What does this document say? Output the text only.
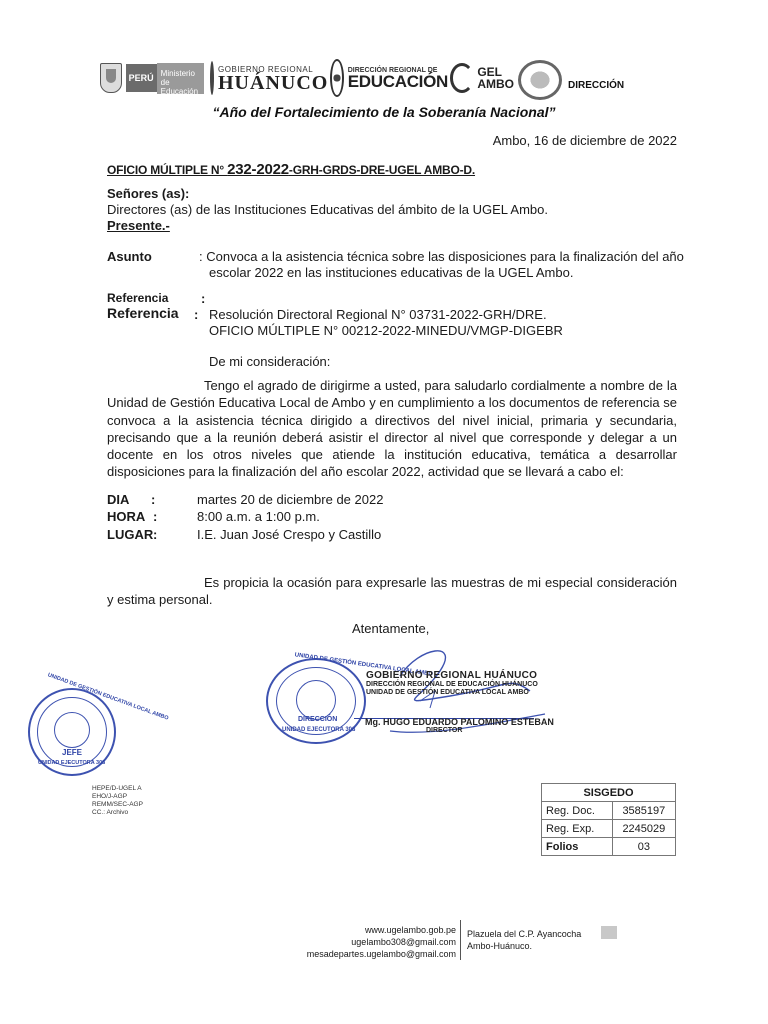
PERÚ Ministerio de Educación
GOBIERNO REGIONAL
HUÁNUCO
DIRECCIÓN REGIONAL DE
EDUCACIÓN GEL
AMBO	DIRECCIÓN
“Año del Fortalecimiento de la Soberanía Nacional”
Ambo, 16 de diciembre de 2022
OFICIO MÚLTIPLE N° 232-2022-GRH-GRDS-DRE-UGEL AMBO-D.
Señores (as):
Directores (as) de las Instituciones Educativas del ámbito de la UGEL Ambo.
Presente.-
Asunto	: Convoca a la asistencia técnica sobre las disposiciones para la finalización del año
escolar 2022 en las instituciones educativas de la UGEL Ambo.
Referencia	:
Referencia : Resolución Directoral Regional N° 03731-2022-GRH/DRE.
OFICIO MÚLTIPLE N° 00212-2022-MINEDU/VMGP-DIGEBR
De mi consideración:
Tengo el agrado de dirigirme a usted, para saludarlo cordialmente a nombre de la Unidad de Gestión Educativa Local de Ambo y en cumplimiento a los documentos de referencia se convoca a la asistencia técnica dirigido a directivos del nivel inicial, primaria y secundaria, precisando que a la reunión deberá asistir el director al nivel que corresponde y delegar a un docente en los otros niveles que atiende la institución educativa, temática a desarrollar disposiciones para la finalización del año escolar 2022, actividad que se llevará a cabo el:
DIA :	martes 20 de diciembre de 2022
HORA :	8:00 a.m. a 1:00 p.m.
LUGAR :	I.E. Juan José Crespo y Castillo
Es propicia la ocasión para expresarle las muestras de mi especial consideración y estima personal.
Atentamente,
UNIDAD DE GESTIÓN EDUCATIVA LOCAL AMBO
DIRECCIÓN
UNIDAD EJECUTORA 308
GOBIERNO REGIONAL HUÁNUCO
DIRECCIÓN REGIONAL DE EDUCACIÓN HUÁNUCO
UNIDAD DE GESTIÓN EDUCATIVA LOCAL AMBO
Mg. HUGO EDUARDO PALOMINO ESTEBAN
DIRECTOR
UNIDAD DE GESTIÓN EDUCATIVA LOCAL AMBO
JEFE
UNIDAD EJECUTORA 308
HEPE/D-UGEL A
EHO/J-AGP
REMM/SEC-AGP
CC.: Archivo
SISGEDO	
Reg. Doc.	3585197
Reg. Exp.	2245029
Folios	03
www.ugelambo.gob.pe
ugelambo308@gmail.com
mesadepartes.ugelambo@gmail.com
Plazuela del C.P. Ayancocha
Ambo-Huánuco.
